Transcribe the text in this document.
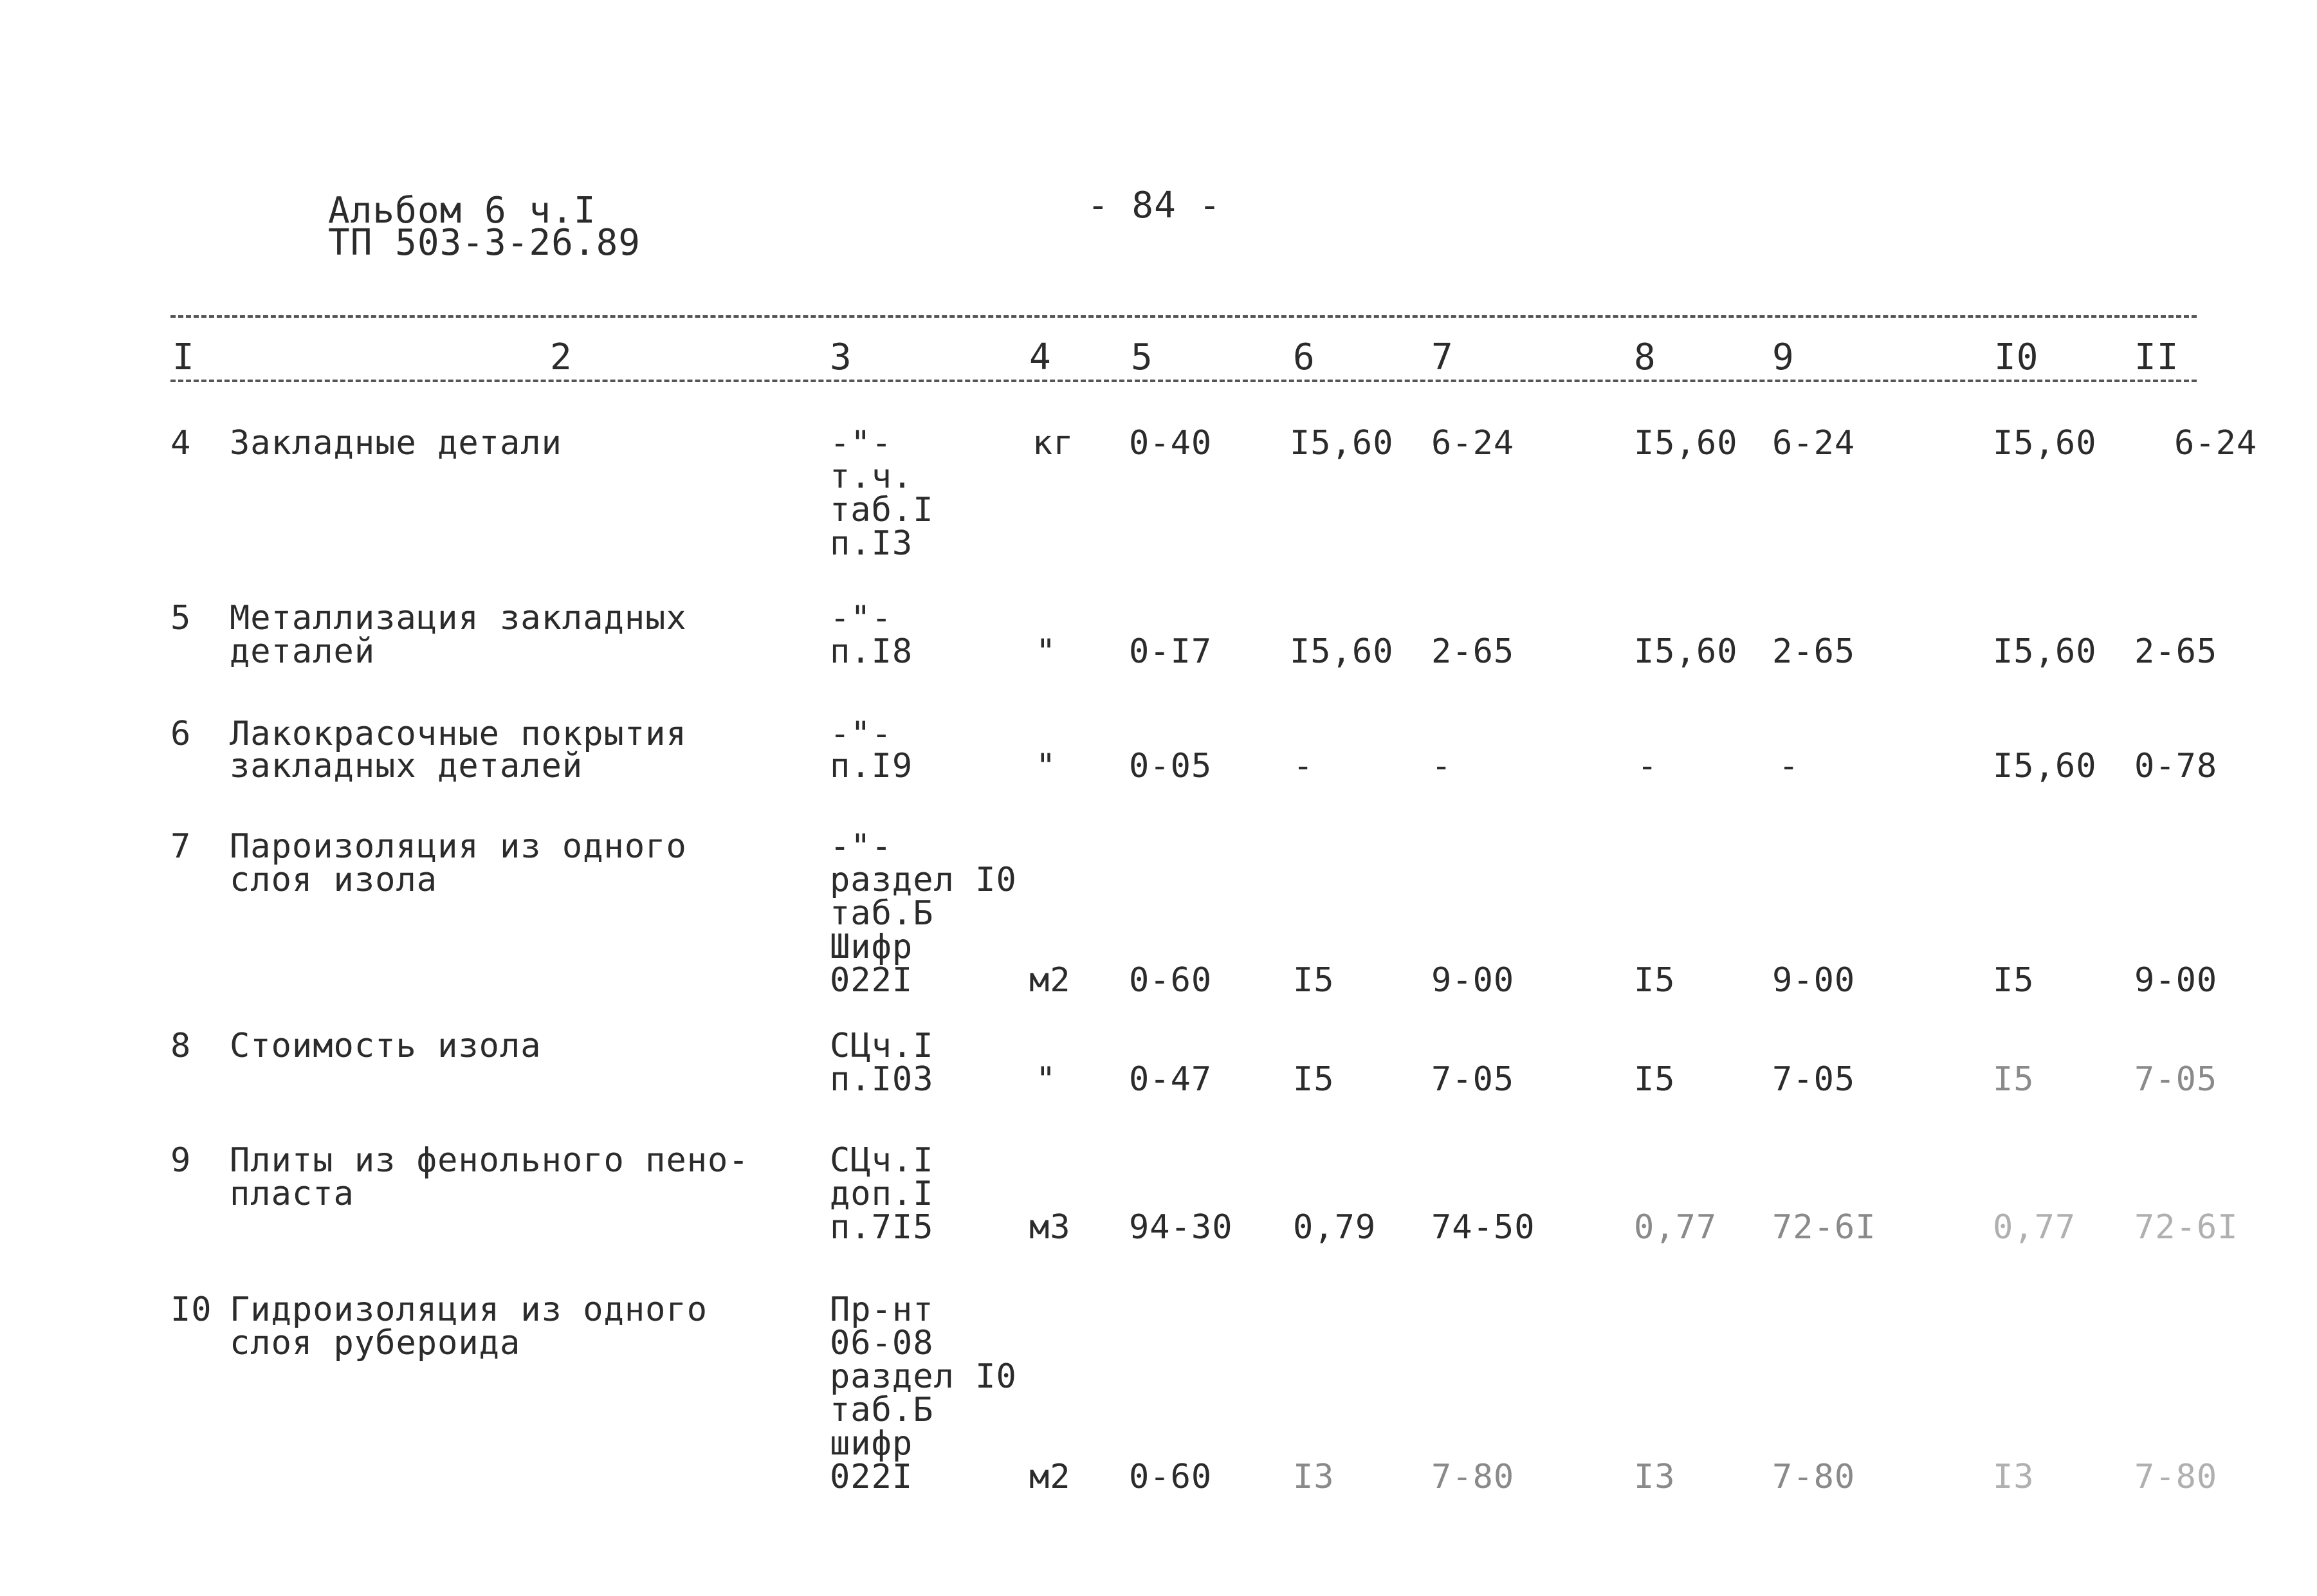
Альбом 6 ч.I
ТП 503-3-26.89
- 84 -
I	2	3	4 5	6	7	8	9	I0	II
4 Закладные детали	-"-
т.ч.
таб.I
п.I3
кг 0-40 I5,60 6-24	I5,60 6-24	I5,60 6-24
5 Металлизация закладных
деталей
-"-
п.I8	" 0-I7 I5,60 2-65	I5,60 2-65	I5,60 2-65
6 Лакокрасочные покрытия
закладных деталей
-"-
п.I9	" 0-05 -	-	-	-	I5,60 0-78
7 Пароизоляция из одного
слоя изола
-"-
раздел I0
таб.Б
Шифр
022I	м2 0-60 I5	9-00	I5	9-00	I5	9-00
8 Стоимость изола	СЦч.I
п.I03	" 0-47 I5	7-05	I5	7-05	I5	7-05
9 Плиты из фенольного пено-
пласта
СЦч.I
доп.I
п.7I5	м3 94-30 0,79 74-50	0,77 72-6I	0,77 72-6I
I0 Гидроизоляция из одного
слоя рубероида
Пр-нт
06-08
раздел I0
таб.Б
шифр
022I	м2 0-60 I3	7-80	I3	7-80	I3	7-80
